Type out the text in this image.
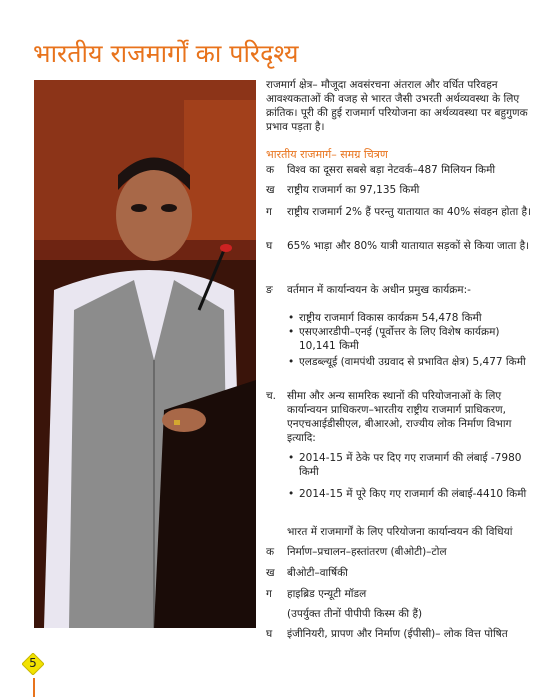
भारतीय राजमार्गों का परिदृश्य
राजमार्ग क्षेत्र– मौजूदा अवसंरचना अंतराल और वर्धित परिवहन आवश्यकताओं की वजह से भारत जैसी उभरती अर्थव्यवस्था के लिए क्रांतिक। पूरी की हुई राजमार्ग परियोजना का अर्थव्यवस्था पर बहुगुणक प्रभाव पड़ता है।
भारतीय राजमार्ग– समग्र चित्रण
क	विश्व का दूसरा सबसे बड़ा नेटवर्क–487 मिलियन किमी
ख	राष्ट्रीय राजमार्ग का 97,135 किमी
ग	राष्ट्रीय राजमार्ग 2% हैं परन्तु यातायात का 40% संवहन होता है।
घ	65% भाड़ा और 80% यात्री यातायात सड़कों से किया जाता है।
ङ	वर्तमान में कार्यान्वयन के अधीन प्रमुख कार्यक्रम:-
• राष्ट्रीय राजमार्ग विकास कार्यक्रम 54,478 किमी
• एसएआरडीपी–एनई (पूर्वोत्तर के लिए विशेष कार्यक्रम) 10,141 किमी
• एलडब्ल्यूई (वामपंथी उग्रवाद से प्रभावित क्षेत्र) 5,477 किमी
च.	सीमा और अन्य सामरिक स्थानों की परियोजनाओं के लिए कार्यान्वयन प्राधिकरण–भारतीय राष्ट्रीय राजमार्ग प्राधिकरण, एनएचआईडीसीएल, बीआरओ, राज्यीय लोक निर्माण विभाग इत्यादि:
• 2014-15 में ठेके पर दिए गए राजमार्ग की लंबाई -7980 किमी
• 2014-15 में पूरे किए गए राजमार्ग की लंबाई-4410 किमी
भारत में राजमार्गों के लिए परियोजना कार्यान्वयन की विधियां
क	निर्माण–प्रचालन–हस्तांतरण (बीओटी)–टोल
ख	बीओटी–वार्षिकी
ग	हाइब्रिड एन्यूटी मॉडल
(उपर्युक्त तीनों पीपीपी किस्म की हैं)
घ	इंजीनियरी, प्रापण और निर्माण (ईपीसी)– लोक वित्त पोषित
5
